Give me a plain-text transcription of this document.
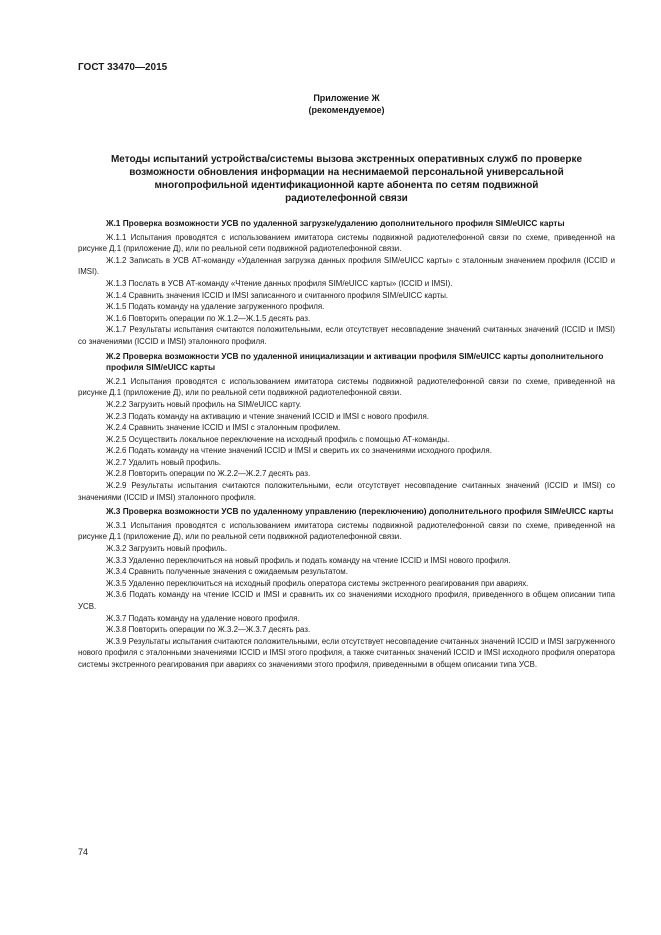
ГОСТ 33470—2015
Приложение Ж
(рекомендуемое)
Методы испытаний устройства/системы вызова экстренных оперативных служб по проверке
возможности обновления информации на неснимаемой персональной универсальной
многопрофильной идентификационной карте абонента по сетям подвижной
радиотелефонной связи
Ж.1 Проверка возможности УСВ по удаленной загрузке/удалению дополнительного профиля SIM/eUICC карты

Ж.1.1 Испытания проводятся с использованием имитатора системы подвижной радиотелефонной связи по схеме, приведенной на рисунке Д.1 (приложение Д), или по реальной сети подвижной радиотелефонной связи.

Ж.1.2 Записать в УСВ АТ-команду «Удаленная загрузка данных профиля SIM/eUICC карты» с эталонным значением профиля (ICCID и IMSI).

Ж.1.3 Послать в УСВ АТ-команду «Чтение данных профиля SIM/eUICC карты» (ICCID и IMSI).

Ж.1.4 Сравнить значения ICCID и IMSI записанного и считанного профиля SIM/eUICC карты.

Ж.1.5 Подать команду на удаление загруженного профиля.

Ж.1.6 Повторить операции по Ж.1.2—Ж.1.5 десять раз.

Ж.1.7 Результаты испытания считаются положительными, если отсутствует несовпадение значений считанных значений (ICCID и IMSI) со значениями (ICCID и IMSI) эталонного профиля.

Ж.2 Проверка возможности УСВ по удаленной инициализации и активации профиля SIM/eUICC карты дополнительного профиля SIM/eUICC карты

Ж.2.1 Испытания проводятся с использованием имитатора системы подвижной радиотелефонной связи по схеме, приведенной на рисунке Д.1 (приложение Д), или по реальной сети подвижной радиотелефонной связи.

Ж.2.2 Загрузить новый профиль на SIM/eUICC карту.

Ж.2.3 Подать команду на активацию и чтение значений ICCID и IMSI с нового профиля.

Ж.2.4 Сравнить значение ICCID и IMSI с эталонным профилем.

Ж.2.5 Осуществить локальное переключение на исходный профиль с помощью АТ-команды.

Ж.2.6 Подать команду на чтение значений ICCID и IMSI и сверить их со значениями исходного профиля.

Ж.2.7 Удалить новый профиль.

Ж.2.8 Повторить операции по Ж.2.2—Ж.2.7 десять раз.

Ж.2.9 Результаты испытания считаются положительными, если отсутствует несовпадение считанных значений (ICCID и IMSI) со значениями (ICCID и IMSI) эталонного профиля.

Ж.3 Проверка возможности УСВ по удаленному управлению (переключению) дополнительного профиля SIM/eUICC карты

Ж.3.1 Испытания проводятся с использованием имитатора системы подвижной радиотелефонной связи по схеме, приведенной на рисунке Д.1 (приложение Д), или по реальной сети подвижной радиотелефонной связи.

Ж.3.2 Загрузить новый профиль.

Ж.3.3 Удаленно переключиться на новый профиль и подать команду на чтение ICCID и IMSI нового профиля.

Ж.3.4 Сравнить полученные значения с ожидаемым результатом.

Ж.3.5 Удаленно переключиться на исходный профиль оператора системы экстренного реагирования при авариях.

Ж.3.6 Подать команду на чтение ICCID и IMSI и сравнить их со значениями исходного профиля, приведенного в общем описании типа УСВ.

Ж.3.7 Подать команду на удаление нового профиля.

Ж.3.8 Повторить операции по Ж.3.2—Ж.3.7 десять раз.

Ж.3.9 Результаты испытания считаются положительными, если отсутствует несовпадение считанных значений ICCID и IMSI загруженного нового профиля с эталонными значениями ICCID и IMSI этого профиля, а также считанных значений ICCID и IMSI исходного профиля оператора системы экстренного реагирования при авариях со значениями этого профиля, приведенными в общем описании типа УСВ.

74
